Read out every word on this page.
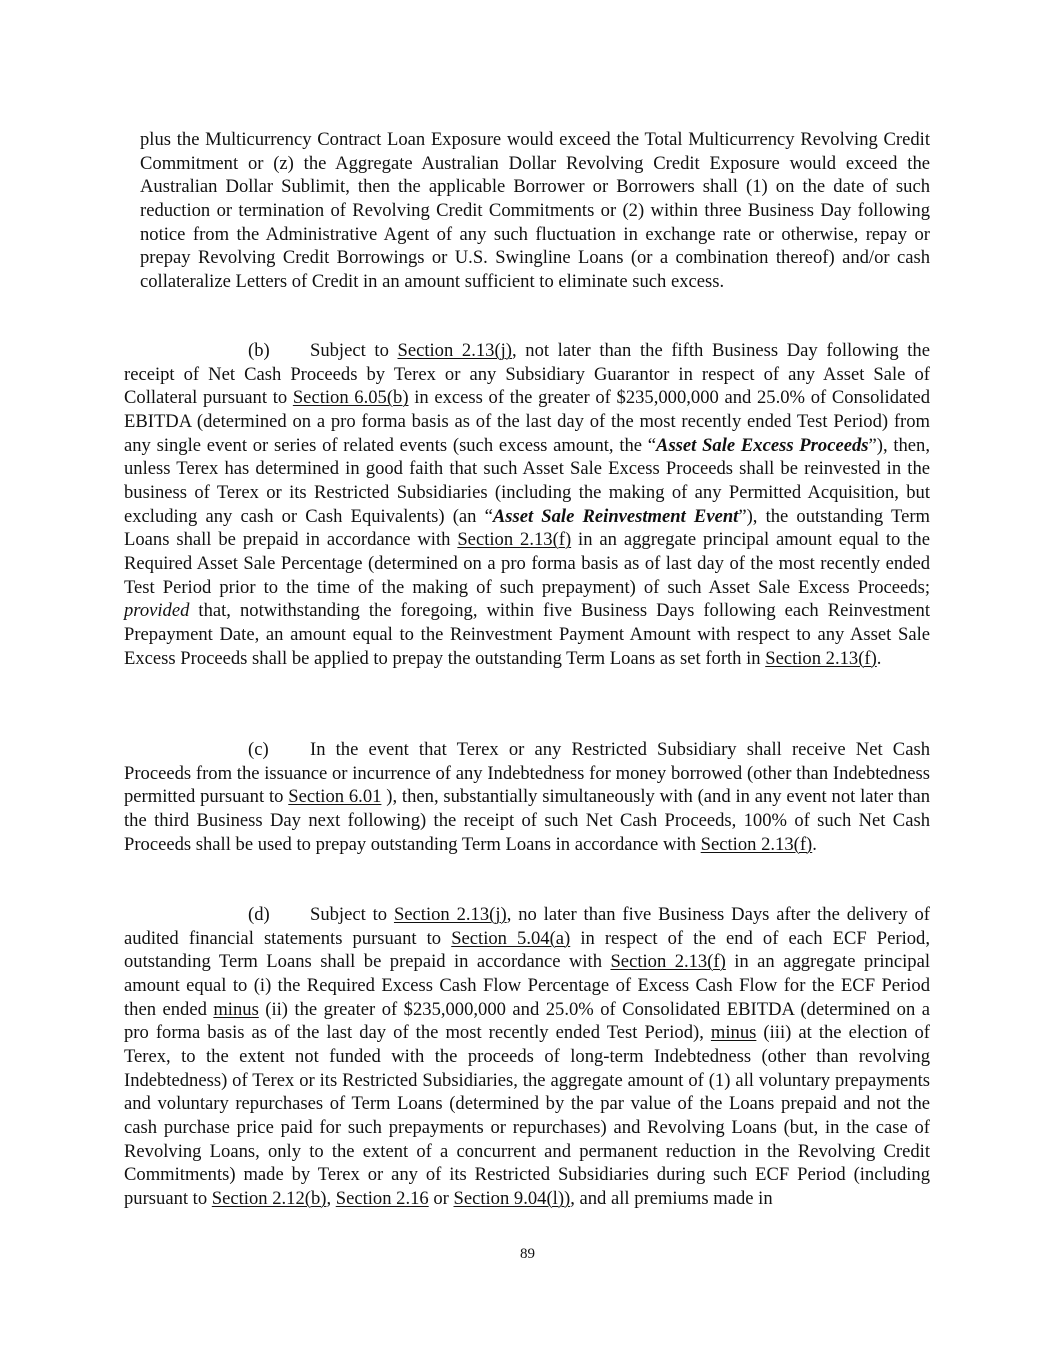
plus the Multicurrency Contract Loan Exposure would exceed the Total Multicurrency Revolving Credit Commitment or (z) the Aggregate Australian Dollar Revolving Credit Exposure would exceed the Australian Dollar Sublimit, then the applicable Borrower or Borrowers shall (1) on the date of such reduction or termination of Revolving Credit Commitments or (2) within three Business Day following notice from the Administrative Agent of any such fluctuation in exchange rate or otherwise, repay or prepay Revolving Credit Borrowings or U.S. Swingline Loans (or a combination thereof) and/or cash collateralize Letters of Credit in an amount sufficient to eliminate such excess.

(b) Subject to Section 2.13(j), not later than the fifth Business Day following the receipt of Net Cash Proceeds by Terex or any Subsidiary Guarantor in respect of any Asset Sale of Collateral pursuant to Section 6.05(b) in excess of the greater of $235,000,000 and 25.0% of Consolidated EBITDA (determined on a pro forma basis as of the last day of the most recently ended Test Period) from any single event or series of related events (such excess amount, the “Asset Sale Excess Proceeds”), then, unless Terex has determined in good faith that such Asset Sale Excess Proceeds shall be reinvested in the business of Terex or its Restricted Subsidiaries (including the making of any Permitted Acquisition, but excluding any cash or Cash Equivalents) (an “Asset Sale Reinvestment Event”), the outstanding Term Loans shall be prepaid in accordance with Section 2.13(f) in an aggregate principal amount equal to the Required Asset Sale Percentage (determined on a pro forma basis as of last day of the most recently ended Test Period prior to the time of the making of such prepayment) of such Asset Sale Excess Proceeds; provided that, notwithstanding the foregoing, within five Business Days following each Reinvestment Prepayment Date, an amount equal to the Reinvestment Payment Amount with respect to any Asset Sale Excess Proceeds shall be applied to prepay the outstanding Term Loans as set forth in Section 2.13(f).

(c) In the event that Terex or any Restricted Subsidiary shall receive Net Cash Proceeds from the issuance or incurrence of any Indebtedness for money borrowed (other than Indebtedness permitted pursuant to Section 6.01 ), then, substantially simultaneously with (and in any event not later than the third Business Day next following) the receipt of such Net Cash Proceeds, 100% of such Net Cash Proceeds shall be used to prepay outstanding Term Loans in accordance with Section 2.13(f).

(d) Subject to Section 2.13(j), no later than five Business Days after the delivery of audited financial statements pursuant to Section 5.04(a) in respect of the end of each ECF Period, outstanding Term Loans shall be prepaid in accordance with Section 2.13(f) in an aggregate principal amount equal to (i) the Required Excess Cash Flow Percentage of Excess Cash Flow for the ECF Period then ended minus (ii) the greater of $235,000,000 and 25.0% of Consolidated EBITDA (determined on a pro forma basis as of the last day of the most recently ended Test Period), minus (iii) at the election of Terex, to the extent not funded with the proceeds of long-term Indebtedness (other than revolving Indebtedness) of Terex or its Restricted Subsidiaries, the aggregate amount of (1) all voluntary prepayments and voluntary repurchases of Term Loans (determined by the par value of the Loans prepaid and not the cash purchase price paid for such prepayments or repurchases) and Revolving Loans (but, in the case of Revolving Loans, only to the extent of a concurrent and permanent reduction in the Revolving Credit Commitments) made by Terex or any of its Restricted Subsidiaries during such ECF Period (including pursuant to Section 2.12(b), Section 2.16 or Section 9.04(l)), and all premiums made in

89
